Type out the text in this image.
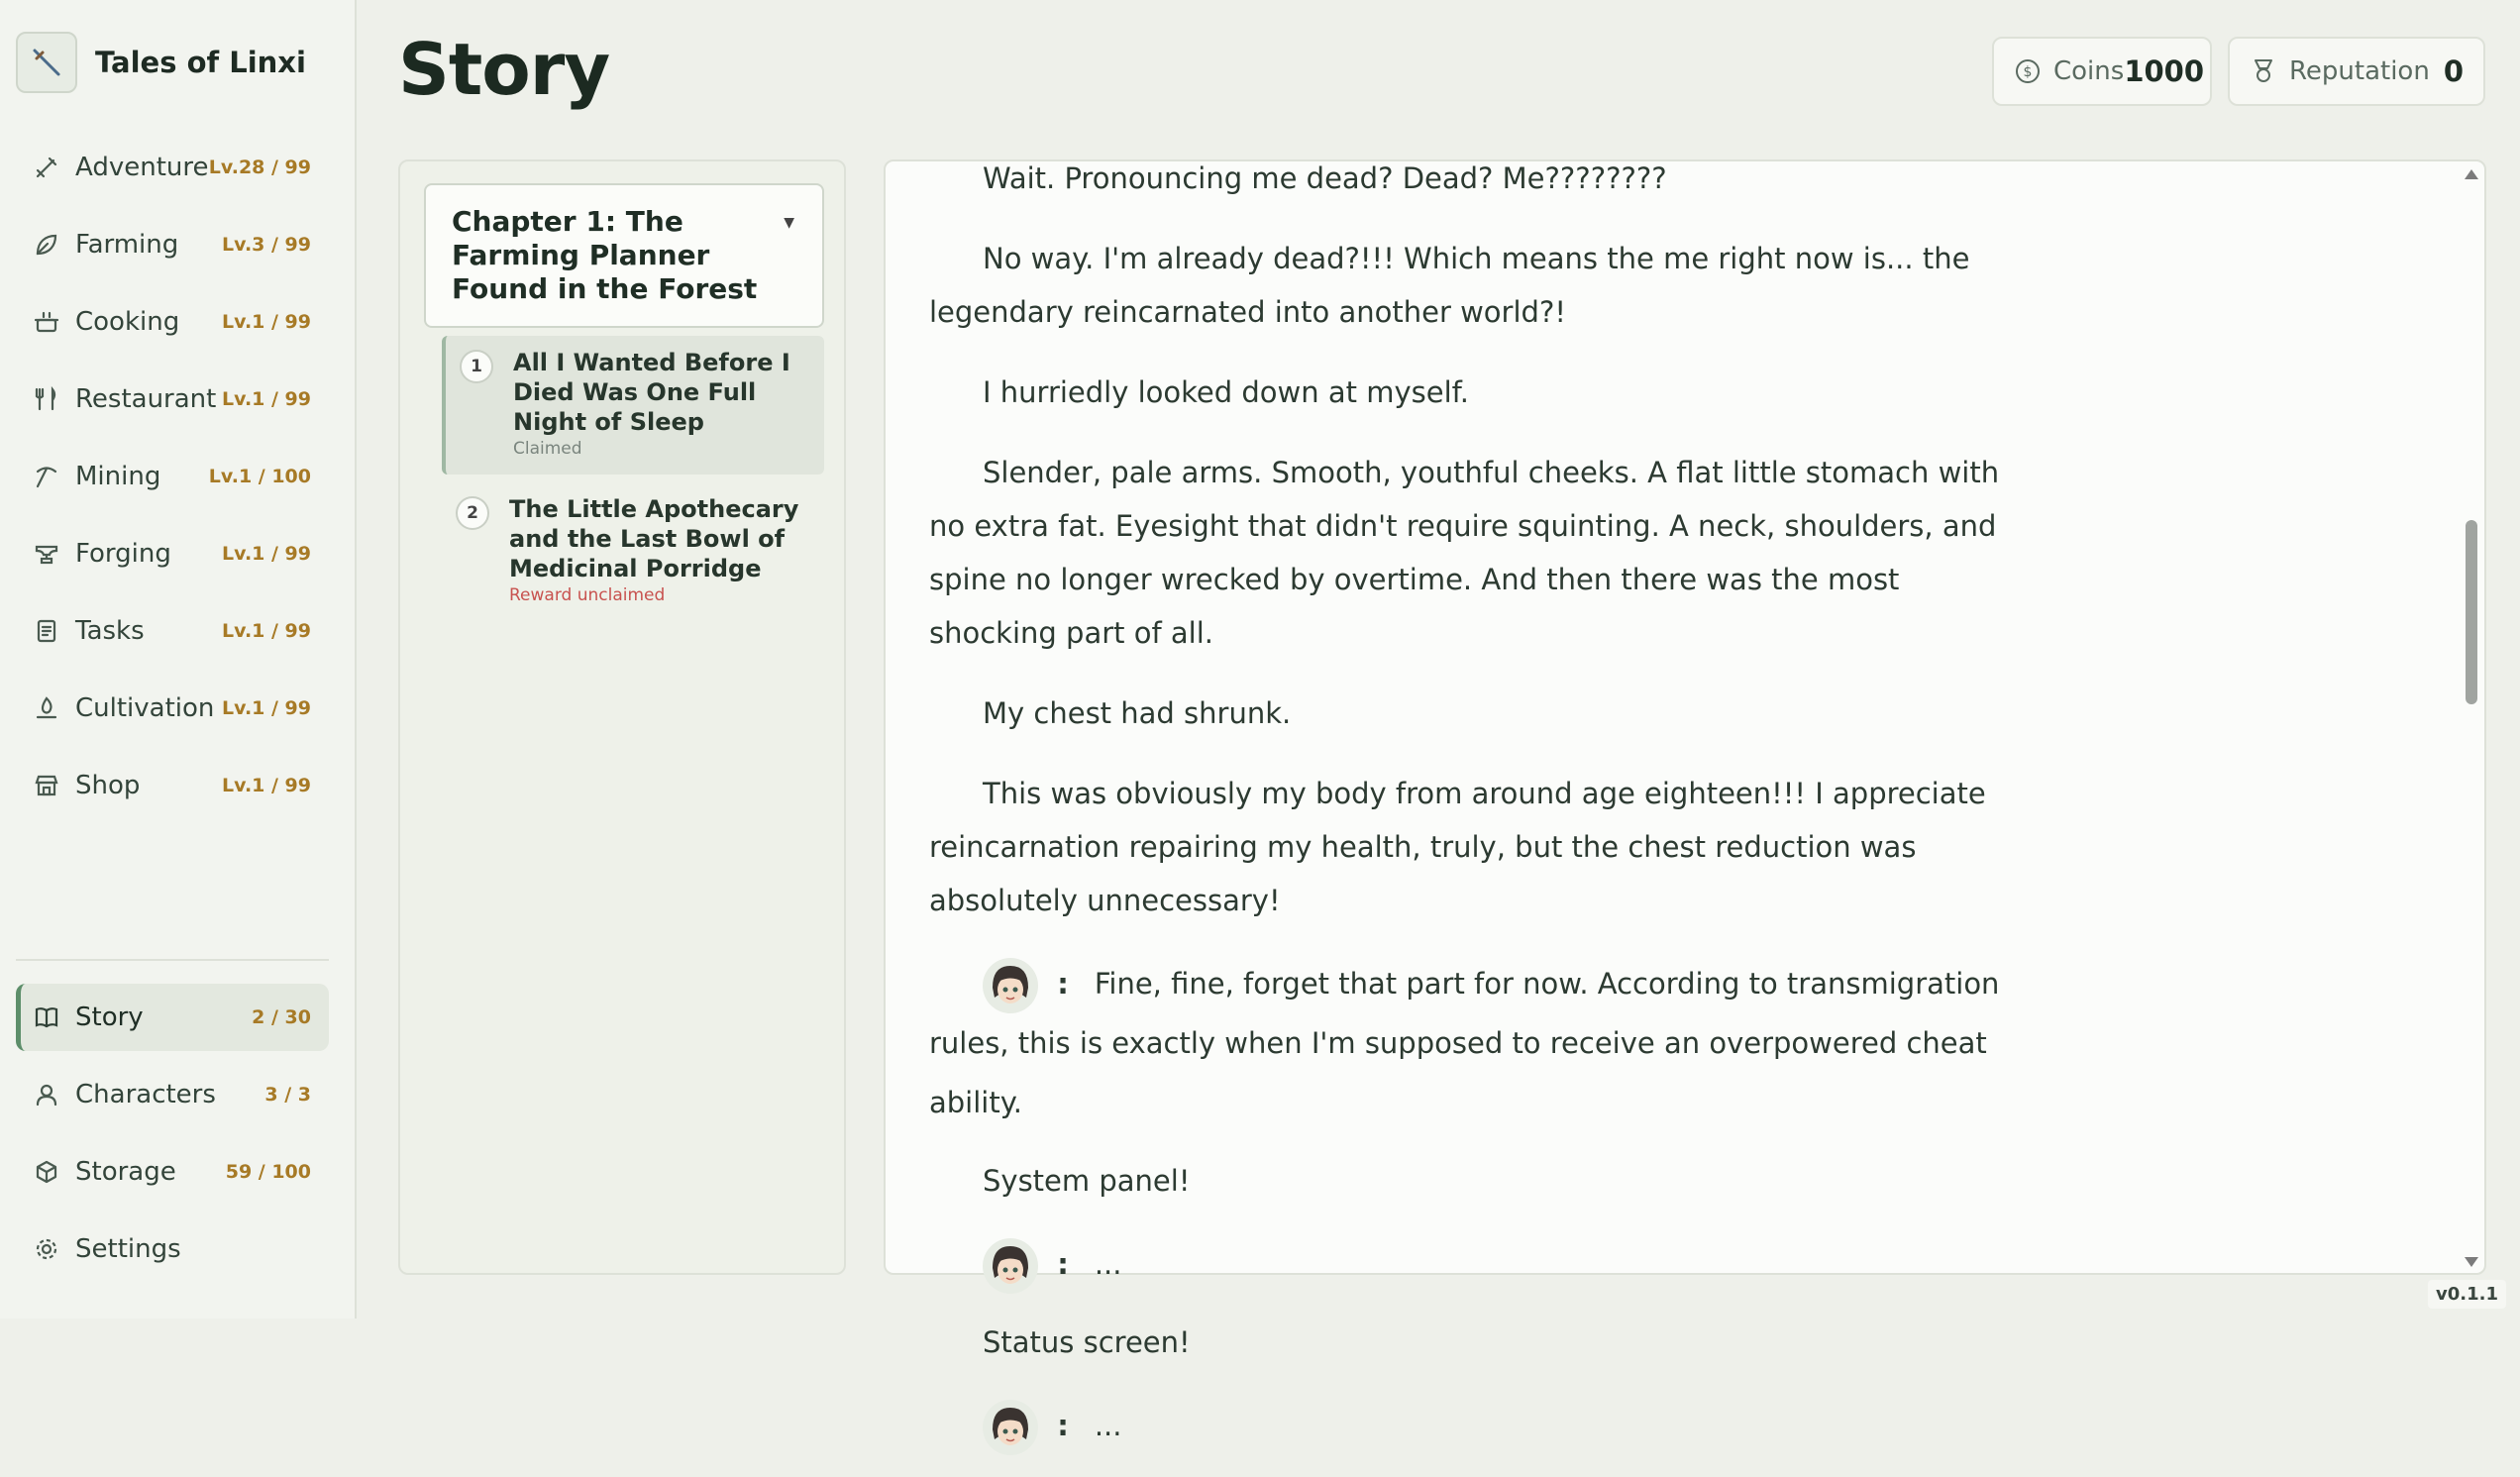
Tales of Linxi
Adventure Lv.28 / 99
Farming Lv.3 / 99
Cooking Lv.1 / 99
Restaurant Lv.1 / 99
Mining	Lv.1 / 100
Forging	Lv.1 / 99
Tasks	Lv.1 / 99
Cultivation Lv.1 / 99
Shop	Lv.1 / 99
Story	2 / 30
Characters	3 / 3
Storage	59 / 100
Settings
Story	$ Coins 1000	Reputation 0
Chapter 1: The Farming Planner Found in the Forest
▼
1	All I Wanted Before I Died Was One Full Night of Sleep
Claimed
2	The Little Apothecary and the Last Bowl of Medicinal Porridge
Reward unclaimed

Wait. Pronouncing me dead? Dead? Me????????

No way. I'm already dead?!!! Which means the me right now is... the legendary reincarnated into another world?!

I hurriedly looked down at myself.

Slender, pale arms. Smooth, youthful cheeks. A flat little stomach with no extra fat. Eyesight that didn't require squinting. A neck, shoulders, and spine no longer wrecked by overtime. And then there was the most shocking part of all.

My chest had shrunk.

This was obviously my body from around age eighteen!!! I appreciate reincarnation repairing my health, truly, but the chest reduction was absolutely unnecessary!

: Fine, fine, forget that part for now. According to transmigration rules, this is exactly when I'm supposed to receive an overpowered cheat ability.

System panel!

: ...

Status screen!

: ...

v0.1.1
